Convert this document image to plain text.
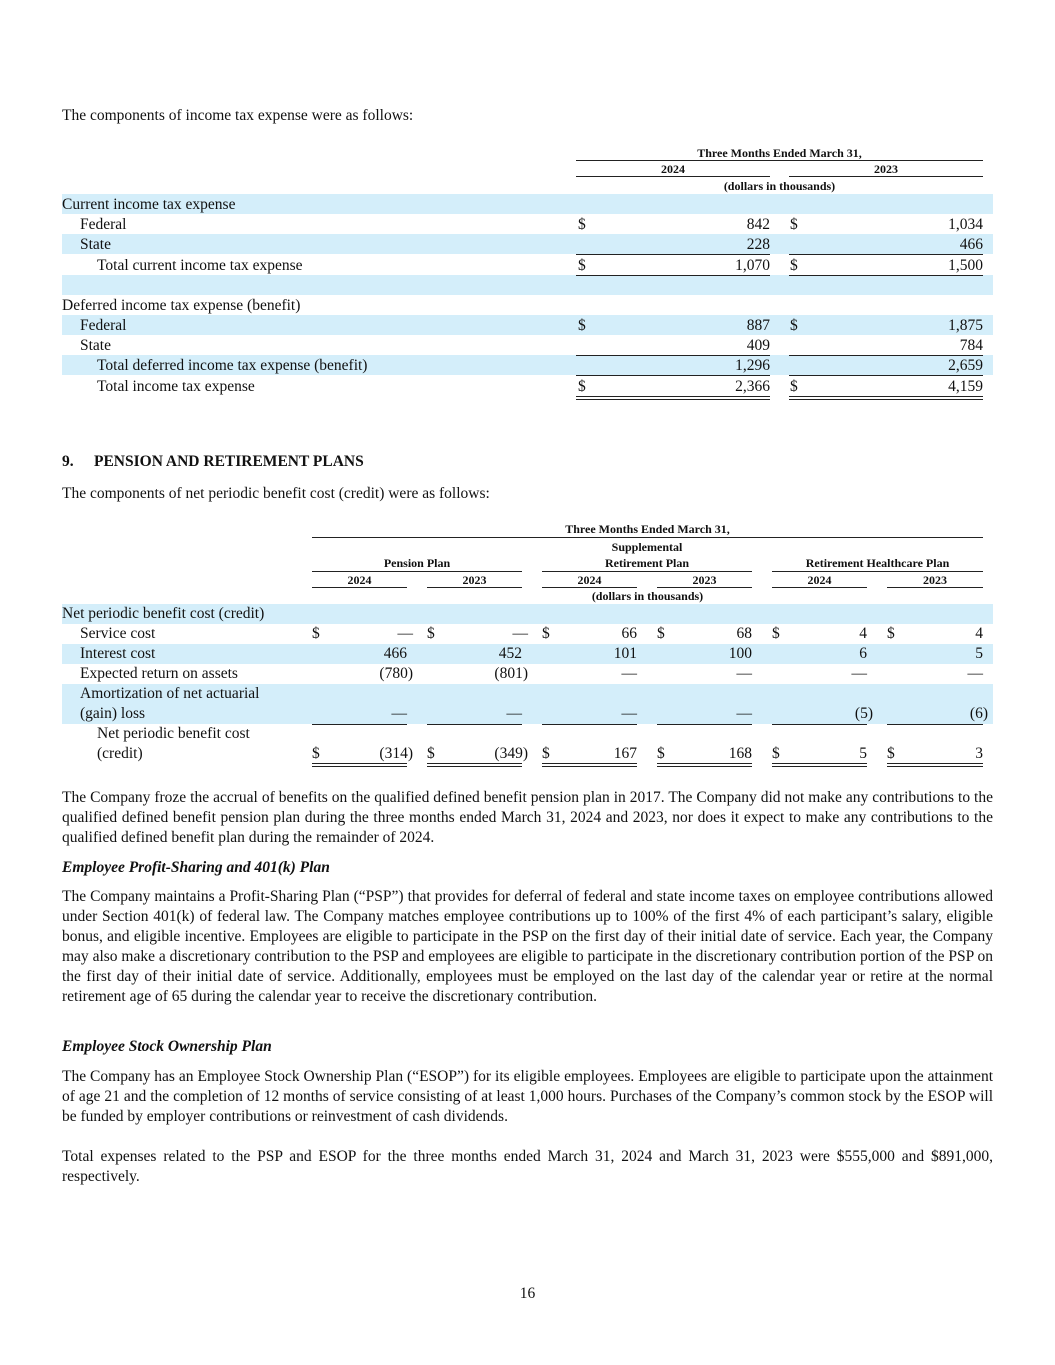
The components of income tax expense were as follows:
Three Months Ended March 31,
2024	2023
(dollars in thousands)
Current income tax expense
Federal	$	842 $	1,034
State	228	466
Total current income tax expense	$	1,070 $	1,500
Deferred income tax expense (benefit)
Federal	$	887 $	1,875
State	409	784
Total deferred income tax expense (benefit)	1,296	2,659
Total income tax expense	$	2,366 $	4,159
9. PENSION AND RETIREMENT PLANS
The components of net periodic benefit cost (credit) were as follows:
Three Months Ended March 31,
Pension Plan
Supplemental
Retirement Plan	Retirement Healthcare Plan
2024	2023	2024	2023	2024	2023
(dollars in thousands)
Net periodic benefit cost (credit)
Service cost	$	— $	— $	66 $	68 $	4 $	4
Interest cost	466	452	101	100	6	5
Expected return on assets	(780)	(801)	—	—	—	—
Amortization of net actuarial
(gain) loss	—	—	—	—	(5)	(6)
Net periodic benefit cost
(credit)	$	(314) $	(349) $	167 $	168 $	5 $	3
The Company froze the accrual of benefits on the qualified defined benefit pension plan in 2017. The Company did not make any contributions to the qualified defined benefit pension plan during the three months ended March 31, 2024 and 2023, nor does it expect to make any contributions to the qualified defined benefit plan during the remainder of 2024.
Employee Profit-Sharing and 401(k) Plan
The Company maintains a Profit-Sharing Plan (“PSP”) that provides for deferral of federal and state income taxes on employee contributions allowed under Section 401(k) of federal law. The Company matches employee contributions up to 100% of the first 4% of each participant’s salary, eligible bonus, and eligible incentive. Employees are eligible to participate in the PSP on the first day of their initial date of service. Each year, the Company may also make a discretionary contribution to the PSP and employees are eligible to participate in the discretionary contribution portion of the PSP on the first day of their initial date of service. Additionally, employees must be employed on the last day of the calendar year or retire at the normal retirement age of 65 during the calendar year to receive the discretionary contribution.
Employee Stock Ownership Plan
The Company has an Employee Stock Ownership Plan (“ESOP”) for its eligible employees. Employees are eligible to participate upon the attainment of age 21 and the completion of 12 months of service consisting of at least 1,000 hours. Purchases of the Company’s common stock by the ESOP will be funded by employer contributions or reinvestment of cash dividends.
Total expenses related to the PSP and ESOP for the three months ended March 31, 2024 and March 31, 2023 were $555,000 and $891,000, respectively.
16
